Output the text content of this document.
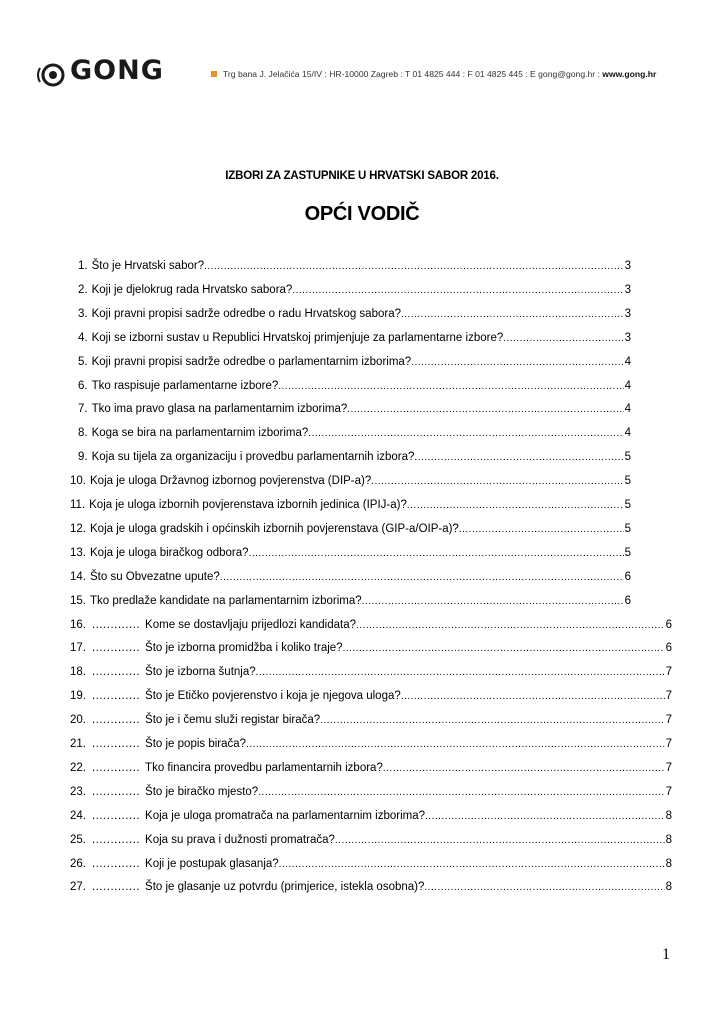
GONG	Trg bana J. Jelačića 15/IV : HR-10000 Zagreb : T 01 4825 444 : F 01 4825 445 : E gong@gong.hr : www.gong.hr
IZBORI ZA ZASTUPNIKE U HRVATSKI SABOR 2016.
OPĆI VODIČ
1. Što je Hrvatski sabor? .....	3
2. Koji je djelokrug rada Hrvatsko sabora? .....	3
3. Koji pravni propisi sadrže odredbe o radu Hrvatskog sabora? .....	3
4. Koji se izborni sustav u Republici Hrvatskoj primjenjuje za parlamentarne izbore? .....	3
5. Koji pravni propisi sadrže odredbe o parlamentarnim izborima? .....	4
6. Tko raspisuje parlamentarne izbore? .....	4
7. Tko ima pravo glasa na parlamentarnim izborima? .....	4
8. Koga se bira na parlamentarnim izborima? .....	4
9. Koja su tijela za organizaciju i provedbu parlamentarnih izbora? .....	5
10. Koja je uloga Državnog izbornog povjerenstva (DIP-a)? .....	5
11. Koja je uloga izbornih povjerenstava izbornih jedinica (IPIJ-a)? .....	5
12. Koja je uloga gradskih i općinskih izbornih povjerenstava (GIP-a/OIP-a)? .....	5
13. Koja je uloga biračkog odbora? .....	5
14. Što su Obvezatne upute? .....	6
15. Tko predlaže kandidate na parlamentarnim izborima? .....	6
16. ............. Kome se dostavljaju prijedlozi kandidata? .....	6
17. ............. Što je izborna promidžba i koliko traje? .....	6
18. ............. Što je izborna šutnja? .....	7
19. ............. Što je Etičko povjerenstvo i koja je njegova uloga? .....	7
20. ............. Što je i čemu služi registar birača? .....	7
21. ............. Što je popis birača? .....	7
22. ............. Tko financira provedbu parlamentarnih izbora? .....	7
23. ............. Što je biračko mjesto? .....	7
24. ............. Koja je uloga promatrača na parlamentarnim izborima? .....	8
25. ............. Koja su prava i dužnosti promatrača? .....	8
26. ............. Koji je postupak glasanja? .....	8
27. ............. Što je glasanje uz potvrdu (primjerice, istekla osobna)? .....	8
1
